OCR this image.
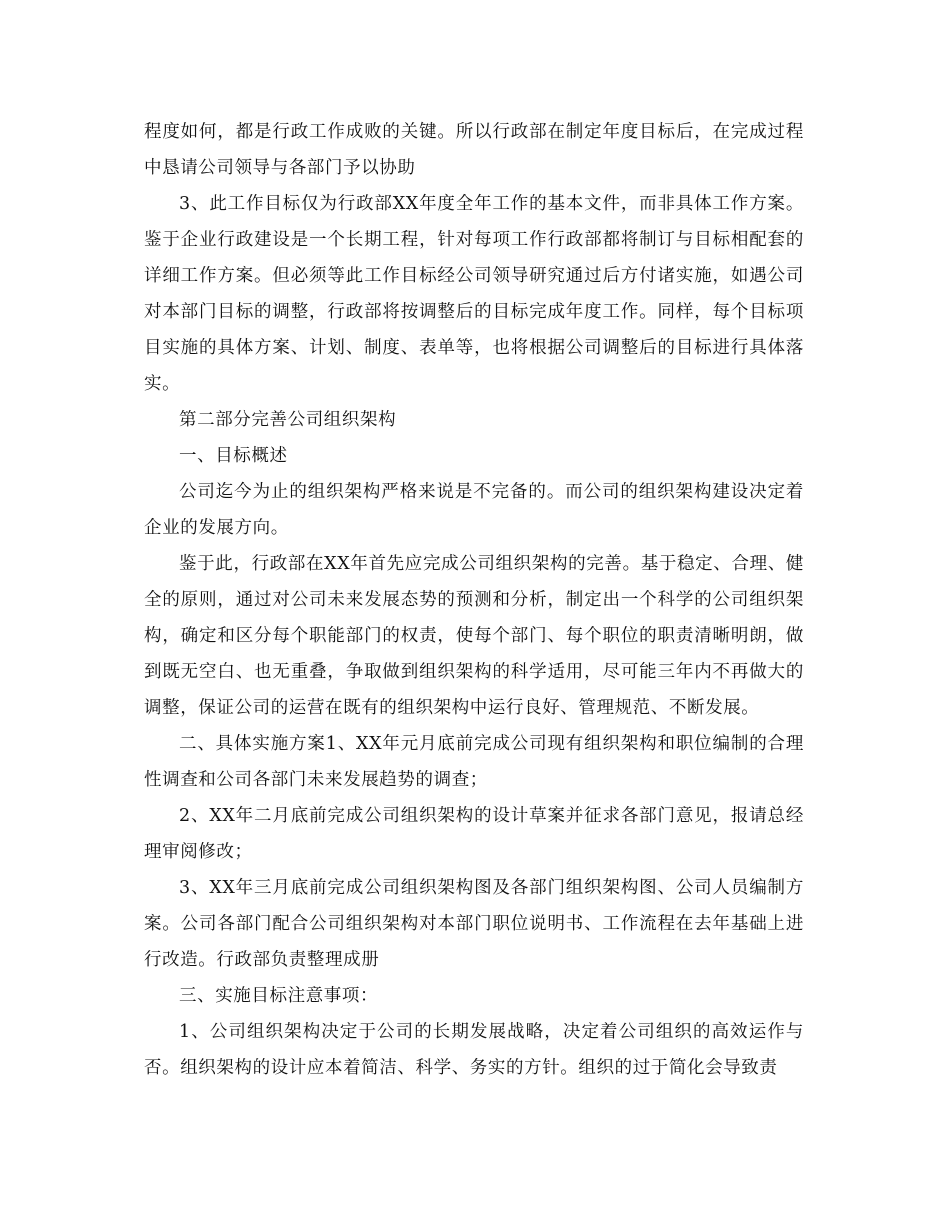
程度如何，都是行政工作成败的关键。所以行政部在制定年度目标后，在完成过程中恳请公司领导与各部门予以协助

3、此工作目标仅为行政部XX年度全年工作的基本文件，而非具体工作方案。鉴于企业行政建设是一个长期工程，针对每项工作行政部都将制订与目标相配套的详细工作方案。但必须等此工作目标经公司领导研究通过后方付诸实施，如遇公司对本部门目标的调整，行政部将按调整后的目标完成年度工作。同样，每个目标项目实施的具体方案、计划、制度、表单等，也将根据公司调整后的目标进行具体落实。

第二部分完善公司组织架构

一、目标概述

公司迄今为止的组织架构严格来说是不完备的。而公司的组织架构建设决定着企业的发展方向。

鉴于此，行政部在XX年首先应完成公司组织架构的完善。基于稳定、合理、健全的原则，通过对公司未来发展态势的预测和分析，制定出一个科学的公司组织架构，确定和区分每个职能部门的权责，使每个部门、每个职位的职责清晰明朗，做到既无空白、也无重叠，争取做到组织架构的科学适用，尽可能三年内不再做大的调整，保证公司的运营在既有的组织架构中运行良好、管理规范、不断发展。

二、具体实施方案1、XX年元月底前完成公司现有组织架构和职位编制的合理性调查和公司各部门未来发展趋势的调查；

2、XX年二月底前完成公司组织架构的设计草案并征求各部门意见，报请总经理审阅修改；

3、XX年三月底前完成公司组织架构图及各部门组织架构图、公司人员编制方案。公司各部门配合公司组织架构对本部门职位说明书、工作流程在去年基础上进行改造。行政部负责整理成册

三、实施目标注意事项：

1、公司组织架构决定于公司的长期发展战略，决定着公司组织的高效运作与否。组织架构的设计应本着简洁、科学、务实的方针。组织的过于简化会导致责
